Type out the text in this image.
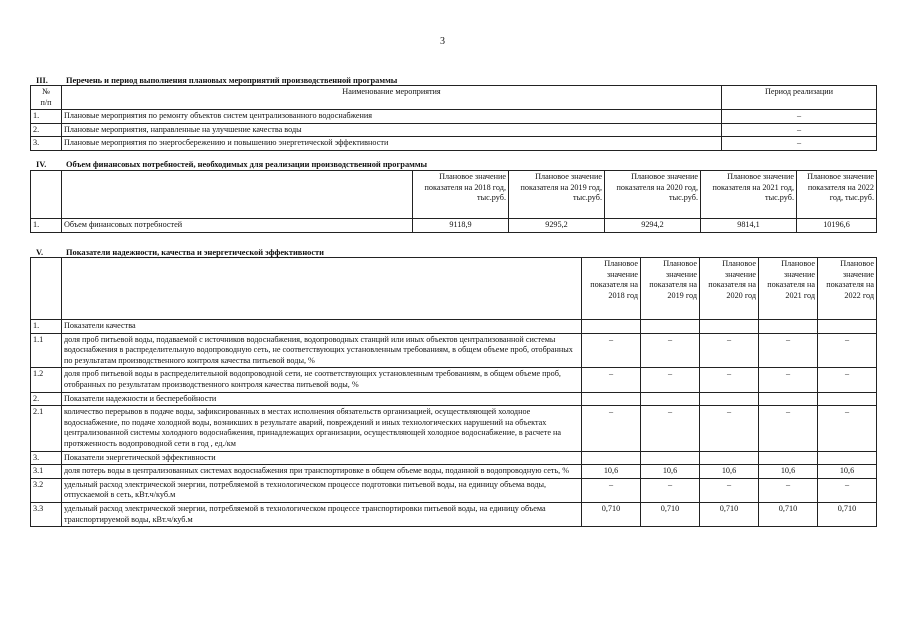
3
III. Перечень и период выполнения плановых мероприятий производственной программы
№
п/п	Наименование мероприятия	Период реализации
1.	Плановые мероприятия по ремонту объектов систем централизованного водоснабжения	–
2.	Плановые мероприятия, направленные на улучшение качества воды	–
3.	Плановые мероприятия по энергосбережению и повышению энергетической эффективности	–
IV. Объем финансовых потребностей, необходимых для реализации производственной программы
		Плановое значение показателя на 2018 год, тыс.руб.	Плановое значение показателя на 2019 год, тыс.руб.	Плановое значение показателя на 2020 год, тыс.руб.	Плановое значение показателя на 2021 год, тыс.руб.	Плановое значение показателя на 2022 год, тыс.руб.
1.	Объем финансовых потребностей	9118,9	9295,2	9294,2	9814,1	10196,6
V.	Показатели надежности, качества и энергетической эффективности
		Плановое значение показателя на 2018 год	Плановое значение показателя на 2019 год	Плановое значение показателя на 2020 год	Плановое значение показателя на 2021 год	Плановое значение показателя на 2022 год
1.	Показатели качества					
1.1	доля проб питьевой воды, подаваемой с источников водоснабжения, водопроводных станций или иных объектов централизованной системы водоснабжения в распределительную водопроводную сеть, не соответствующих установленным требованиям, в общем объеме проб, отобранных по результатам производственного контроля качества питьевой воды, %	–	–	–	–	–
1.2	доля проб питьевой воды в распределительной водопроводной сети, не соответствующих установленным требованиям, в общем объеме проб, отобранных по результатам производственного контроля качества питьевой воды, %	–	–	–	–	–
2.	Показатели надежности и бесперебойности					
2.1	количество перерывов в подаче воды, зафиксированных в местах исполнения обязательств организацией, осуществляющей холодное водоснабжение, по подаче холодной воды, возникших в результате аварий, повреждений и иных технологических нарушений на объектах централизованной системы холодного водоснабжения, принадлежащих организации, осуществляющей холодное водоснабжение, в расчете на протяженность водопроводной сети в год , ед./км	–	–	–	–	–
3.	Показатели энергетической эффективности					
3.1	доля потерь воды в централизованных системах водоснабжения при транспортировке в общем объеме воды, поданной в водопроводную сеть, %	10,6	10,6	10,6	10,6	10,6
3.2	удельный расход электрической энергии, потребляемой в технологическом процессе подготовки питьевой воды, на единицу объема воды, отпускаемой в сеть, кВт.ч/куб.м	–	–	–	–	–
3.3	удельный расход электрической энергии, потребляемой в технологическом процессе транспортировки питьевой воды, на единицу объема транспортируемой воды, кВт.ч/куб.м	0,710	0,710	0,710	0,710	0,710
